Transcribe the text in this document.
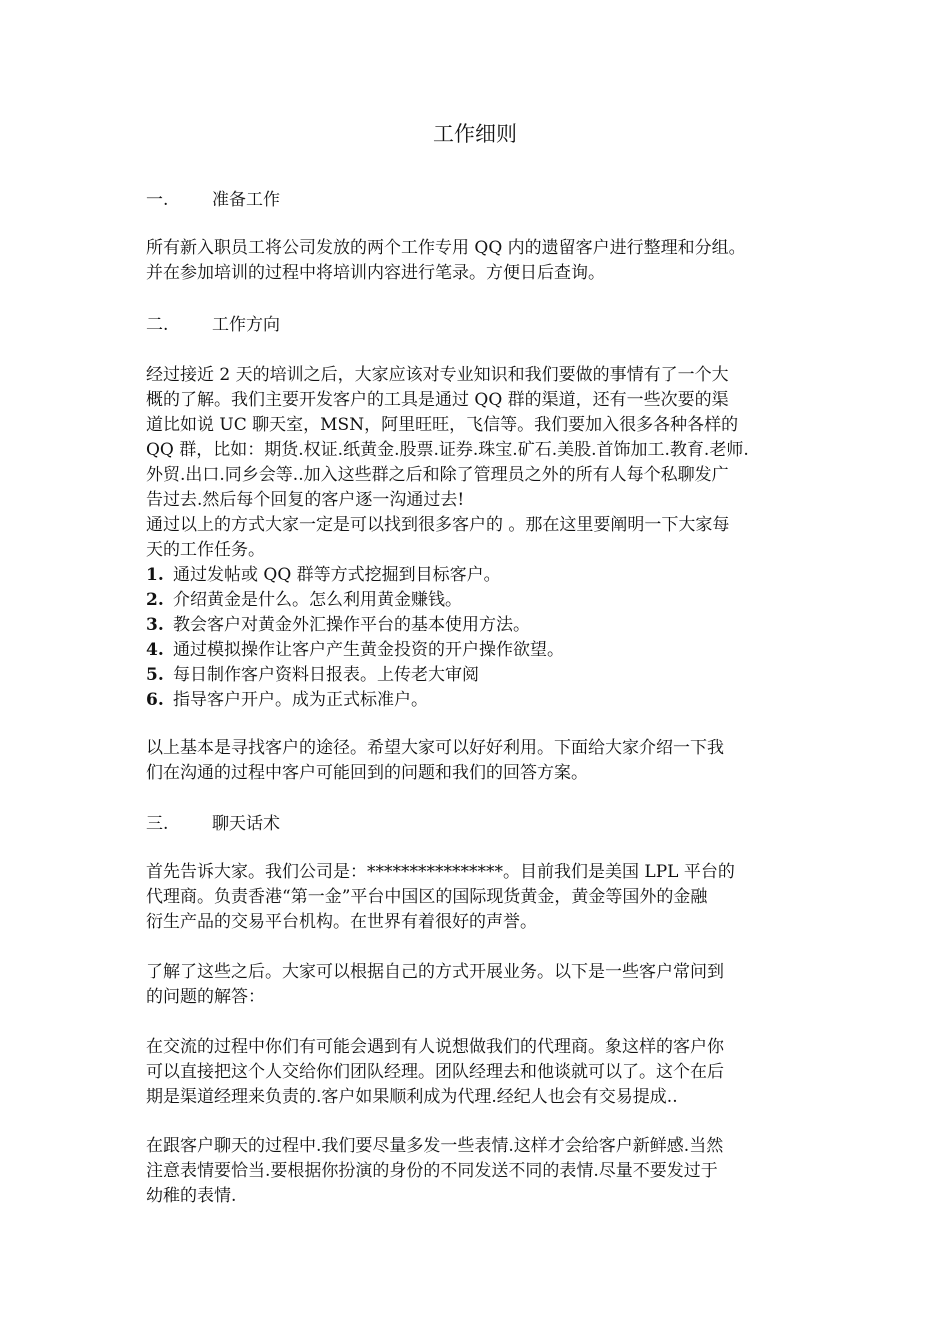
工作细则
一.	准备工作
所有新入职员工将公司发放的两个工作专用 QQ 内的遗留客户进行整理和分组。
并在参加培训的过程中将培训内容进行笔录。方便日后查询。
二.	工作方向
经过接近 2 天的培训之后，大家应该对专业知识和我们要做的事情有了一个大
概的了解。我们主要开发客户的工具是通过 QQ 群的渠道，还有一些次要的渠
道比如说 UC 聊天室，MSN，阿里旺旺，飞信等。我们要加入很多各种各样的
QQ 群，比如：期货.权证.纸黄金.股票.证券.珠宝.矿石.美股.首饰加工.教育.老师.
外贸.出口.同乡会等..加入这些群之后和除了管理员之外的所有人每个私聊发广
告过去.然后每个回复的客户逐一沟通过去!
通过以上的方式大家一定是可以找到很多客户的 。那在这里要阐明一下大家每
天的工作任务。
1. 通过发帖或 QQ 群等方式挖掘到目标客户。
2. 介绍黄金是什么。怎么利用黄金赚钱。
3. 教会客户对黄金外汇操作平台的基本使用方法。
4. 通过模拟操作让客户产生黄金投资的开户操作欲望。
5. 每日制作客户资料日报表。上传老大审阅
6. 指导客户开户。成为正式标准户。
以上基本是寻找客户的途径。希望大家可以好好利用。下面给大家介绍一下我
们在沟通的过程中客户可能回到的问题和我们的回答方案。
三.	聊天话术
首先告诉大家。我们公司是：****************。目前我们是美国 LPL 平台的
代理商。负责香港“第一金”平台中国区的国际现货黄金，黄金等国外的金融
衍生产品的交易平台机构。在世界有着很好的声誉。
了解了这些之后。大家可以根据自己的方式开展业务。以下是一些客户常问到
的问题的解答：
在交流的过程中你们有可能会遇到有人说想做我们的代理商。象这样的客户你
可以直接把这个人交给你们团队经理。团队经理去和他谈就可以了。这个在后
期是渠道经理来负责的.客户如果顺利成为代理.经纪人也会有交易提成..
在跟客户聊天的过程中.我们要尽量多发一些表情.这样才会给客户新鲜感.当然
注意表情要恰当.要根据你扮演的身份的不同发送不同的表情.尽量不要发过于
幼稚的表情.
